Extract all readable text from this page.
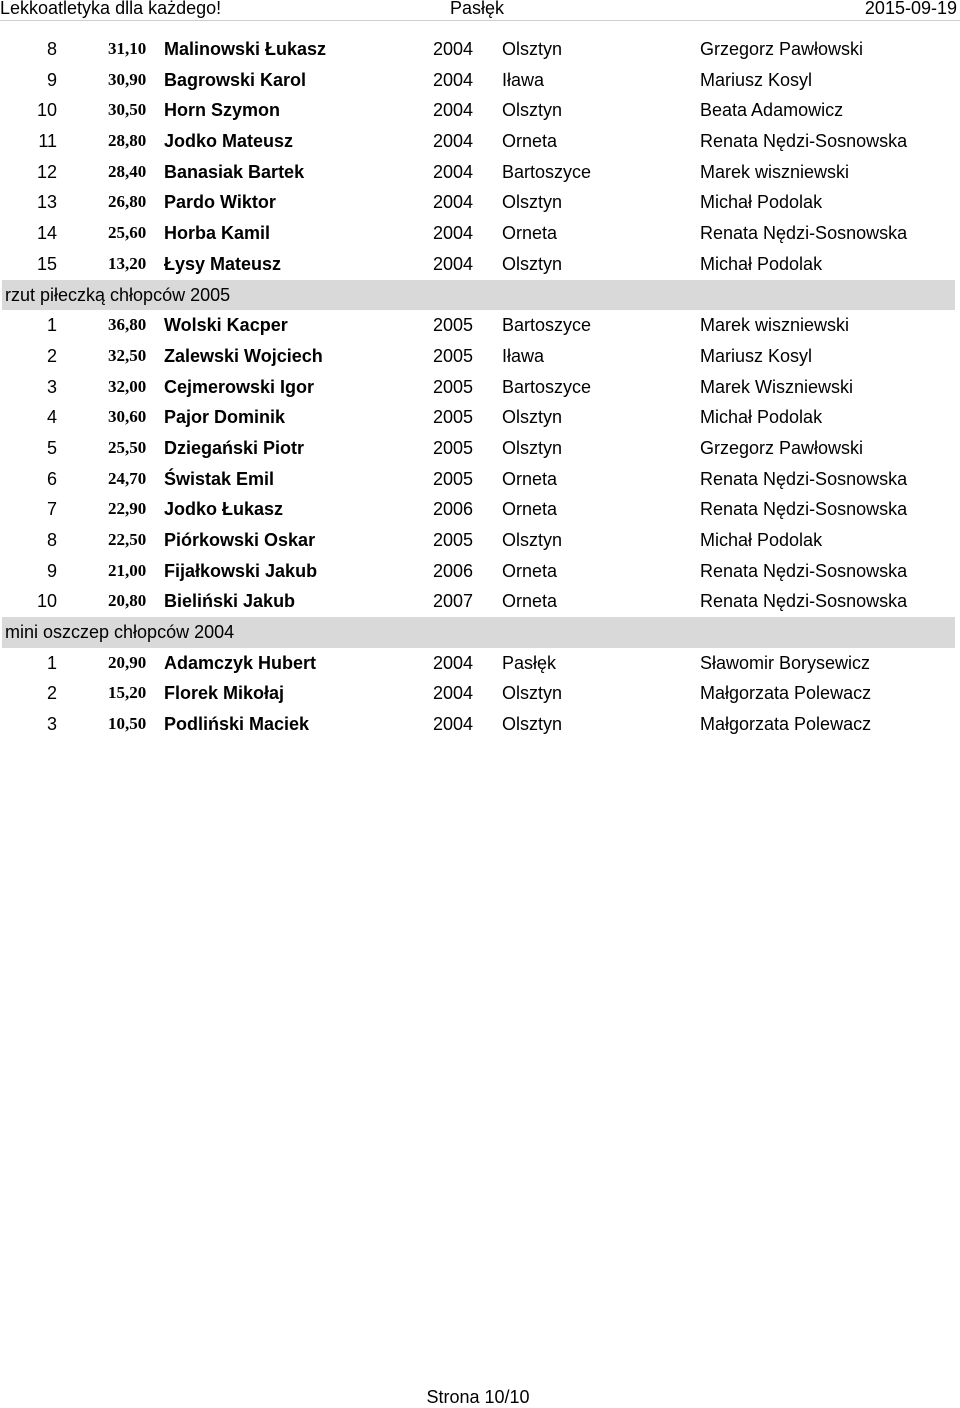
Lekkoatletyka dlla każdego!	Pasłęk	2015-09-19
8	31,10 Malinowski Łukasz	2004 Olsztyn	Grzegorz Pawłowski
9	30,90 Bagrowski Karol	2004 Iława	Mariusz Kosyl
10	30,50 Horn Szymon	2004 Olsztyn	Beata Adamowicz
11	28,80 Jodko Mateusz	2004 Orneta	Renata Nędzi-Sosnowska
12	28,40 Banasiak Bartek	2004 Bartoszyce	Marek wiszniewski
13	26,80 Pardo Wiktor	2004 Olsztyn	Michał Podolak
14	25,60 Horba Kamil	2004 Orneta	Renata Nędzi-Sosnowska
15	13,20 Łysy Mateusz	2004 Olsztyn	Michał Podolak
rzut piłeczką chłopców 2005
1	36,80 Wolski Kacper	2005 Bartoszyce	Marek wiszniewski
2	32,50 Zalewski Wojciech	2005 Iława	Mariusz Kosyl
3	32,00 Cejmerowski Igor	2005 Bartoszyce	Marek Wiszniewski
4	30,60 Pajor Dominik	2005 Olsztyn	Michał Podolak
5	25,50 Dziegański Piotr	2005 Olsztyn	Grzegorz Pawłowski
6	24,70 Świstak Emil	2005 Orneta	Renata Nędzi-Sosnowska
7	22,90 Jodko Łukasz	2006 Orneta	Renata Nędzi-Sosnowska
8	22,50 Piórkowski Oskar	2005 Olsztyn	Michał Podolak
9	21,00 Fijałkowski Jakub	2006 Orneta	Renata Nędzi-Sosnowska
10	20,80 Bieliński Jakub	2007 Orneta	Renata Nędzi-Sosnowska
mini oszczep chłopców 2004
1	20,90 Adamczyk Hubert	2004 Pasłęk	Sławomir Borysewicz
2	15,20 Florek Mikołaj	2004 Olsztyn	Małgorzata Polewacz
3	10,50 Podliński Maciek	2004 Olsztyn	Małgorzata Polewacz
Strona 10/10
